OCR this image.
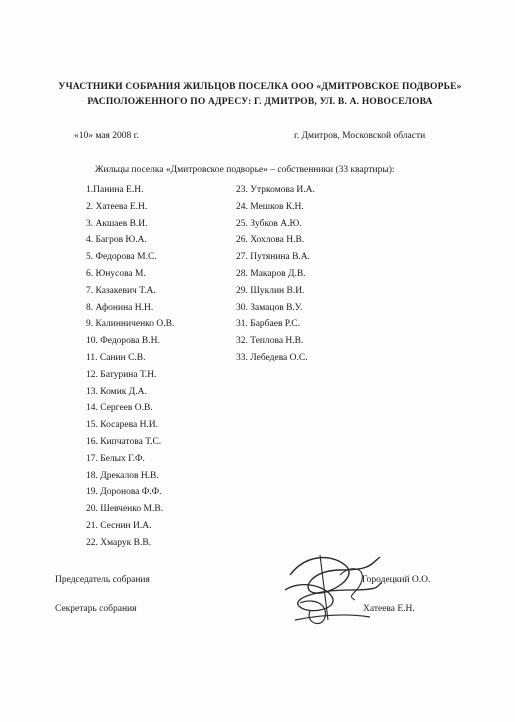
УЧАСТНИКИ СОБРАНИЯ ЖИЛЬЦОВ ПОСЕЛКА ООО «ДМИТРОВСКОЕ ПОДВОРЬЕ»
РАСПОЛОЖЕННОГО ПО АДРЕСУ: Г. ДМИТРОВ, УЛ. В. А. НОВОСЕЛОВА
«10» мая 2008 г.	г. Дмитров, Московской области
Жильцы поселка «Дмитровское подворье» – собственники (33 квартиры):
1.Панина Е.Н.
2. Хатеева Е.Н.
3. Акшаев В.И.
4. Багров Ю.А.
5. Федорова М.С.
6. Юнусова М.
7. Казакевич Т.А.
8. Афонина Н.Н.
9. Калинниченко О.В.
10. Федорова В.Н.
11. Санин С.В.
12. Батурина Т.Н.
13. Комик Д.А.
14. Сергеев О.В.
15. Косарева Н.И.
16. Кипчатова Т.С.
17. Белых Г.Ф.
18. Дрекалов Н.В.
19. Доронова Ф.Ф.
20. Шевченко М.В.
21. Сеснин И.А.
22. Хмарук В.В.
23. Утркомова И.А.
24. Мешков К.Н.
25. Зубков А.Ю.
26. Хохлова Н.В.
27. Путянина В.А.
28. Макаров Д.В.
29. Шуклин В.И.
30. Замацов В.У.
31. Барбаев Р.С.
32. Теплова Н.В.
33. Лебедева О.С.
Председатель собрания	Городецкий О.О.
Секретарь собрания	Хатеева Е.Н.
